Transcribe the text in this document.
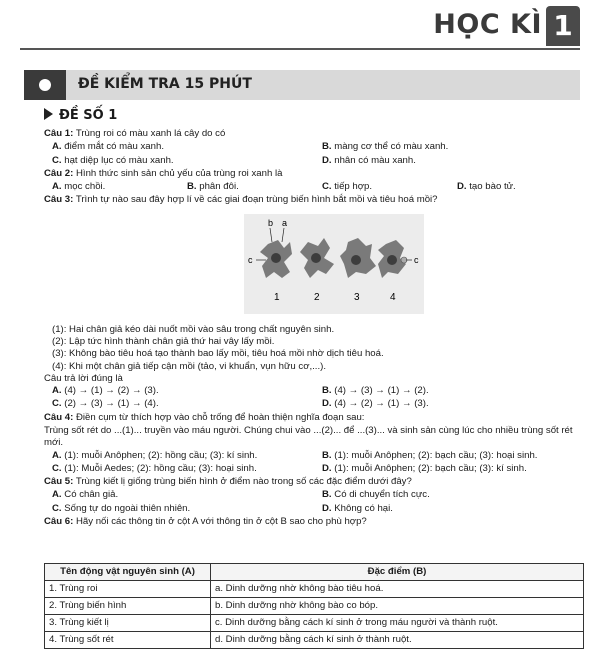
HỌC KÌ 1
ĐỀ KIỂM TRA 15 PHÚT
ĐỀ SỐ 1
Câu 1: Trùng roi có màu xanh lá cây do có
A. điểm mắt có màu xanh.	B. màng cơ thể có màu xanh.
C. hạt diệp lục có màu xanh.	D. nhân có màu xanh.
Câu 2: Hình thức sinh sản chủ yếu của trùng roi xanh là
A. mọc chồi.	B. phân đôi.	C. tiếp hợp.	D. tạo bào tử.
Câu 3: Trình tự nào sau đây hợp lí về các giai đoạn trùng biến hình bắt mồi và tiêu hoá mồi?
b a
c	c
1	2	3	4
(1): Hai chân giả kéo dài nuốt mồi vào sâu trong chất nguyên sinh.
(2): Lập tức hình thành chân giả thứ hai vây lấy mồi.
(3): Không bào tiêu hoá tạo thành bao lấy mồi, tiêu hoá mồi nhờ dịch tiêu hoá.
(4): Khi một chân giả tiếp cận mồi (tảo, vi khuẩn, vụn hữu cơ,...).
Câu trả lời đúng là
A. (4) → (1) → (2) → (3).	B. (4) → (3) → (1) → (2).
C. (2) → (3) → (1) → (4).	D. (4) → (2) → (1) → (3).
Câu 4: Điền cụm từ thích hợp vào chỗ trống để hoàn thiện nghĩa đoạn sau:
Trùng sốt rét do ...(1)... truyền vào máu người. Chúng chui vào ...(2)... để ...(3)... và sinh sản cùng lúc cho nhiều trùng sốt rét mới.
A. (1): muỗi Anôphen; (2): hồng cầu; (3): kí sinh.	B. (1): muỗi Anôphen; (2): bạch cầu; (3): hoại sinh.
C. (1): Muỗi Aedes; (2): hồng cầu; (3): hoại sinh.	D. (1): muỗi Anôphen; (2): bạch cầu; (3): kí sinh.
Câu 5: Trùng kiết lị giống trùng biến hình ở điểm nào trong số các đặc điểm dưới đây?
A. Có chân giả.	B. Có di chuyển tích cực.
C. Sống tự do ngoài thiên nhiên.	D. Không có hại.
Câu 6: Hãy nối các thông tin ở cột A với thông tin ở cột B sao cho phù hợp?
Tên động vật nguyên sinh (A)	Đặc điểm (B)
1. Trùng roi	a. Dinh dưỡng nhờ không bào tiêu hoá.
2. Trùng biến hình	b. Dinh dưỡng nhờ không bào co bóp.
3. Trùng kiết lị	c. Dinh dưỡng bằng cách kí sinh ở trong máu người và thành ruột.
4. Trùng sốt rét	d. Dinh dưỡng bằng cách kí sinh ở thành ruột.
